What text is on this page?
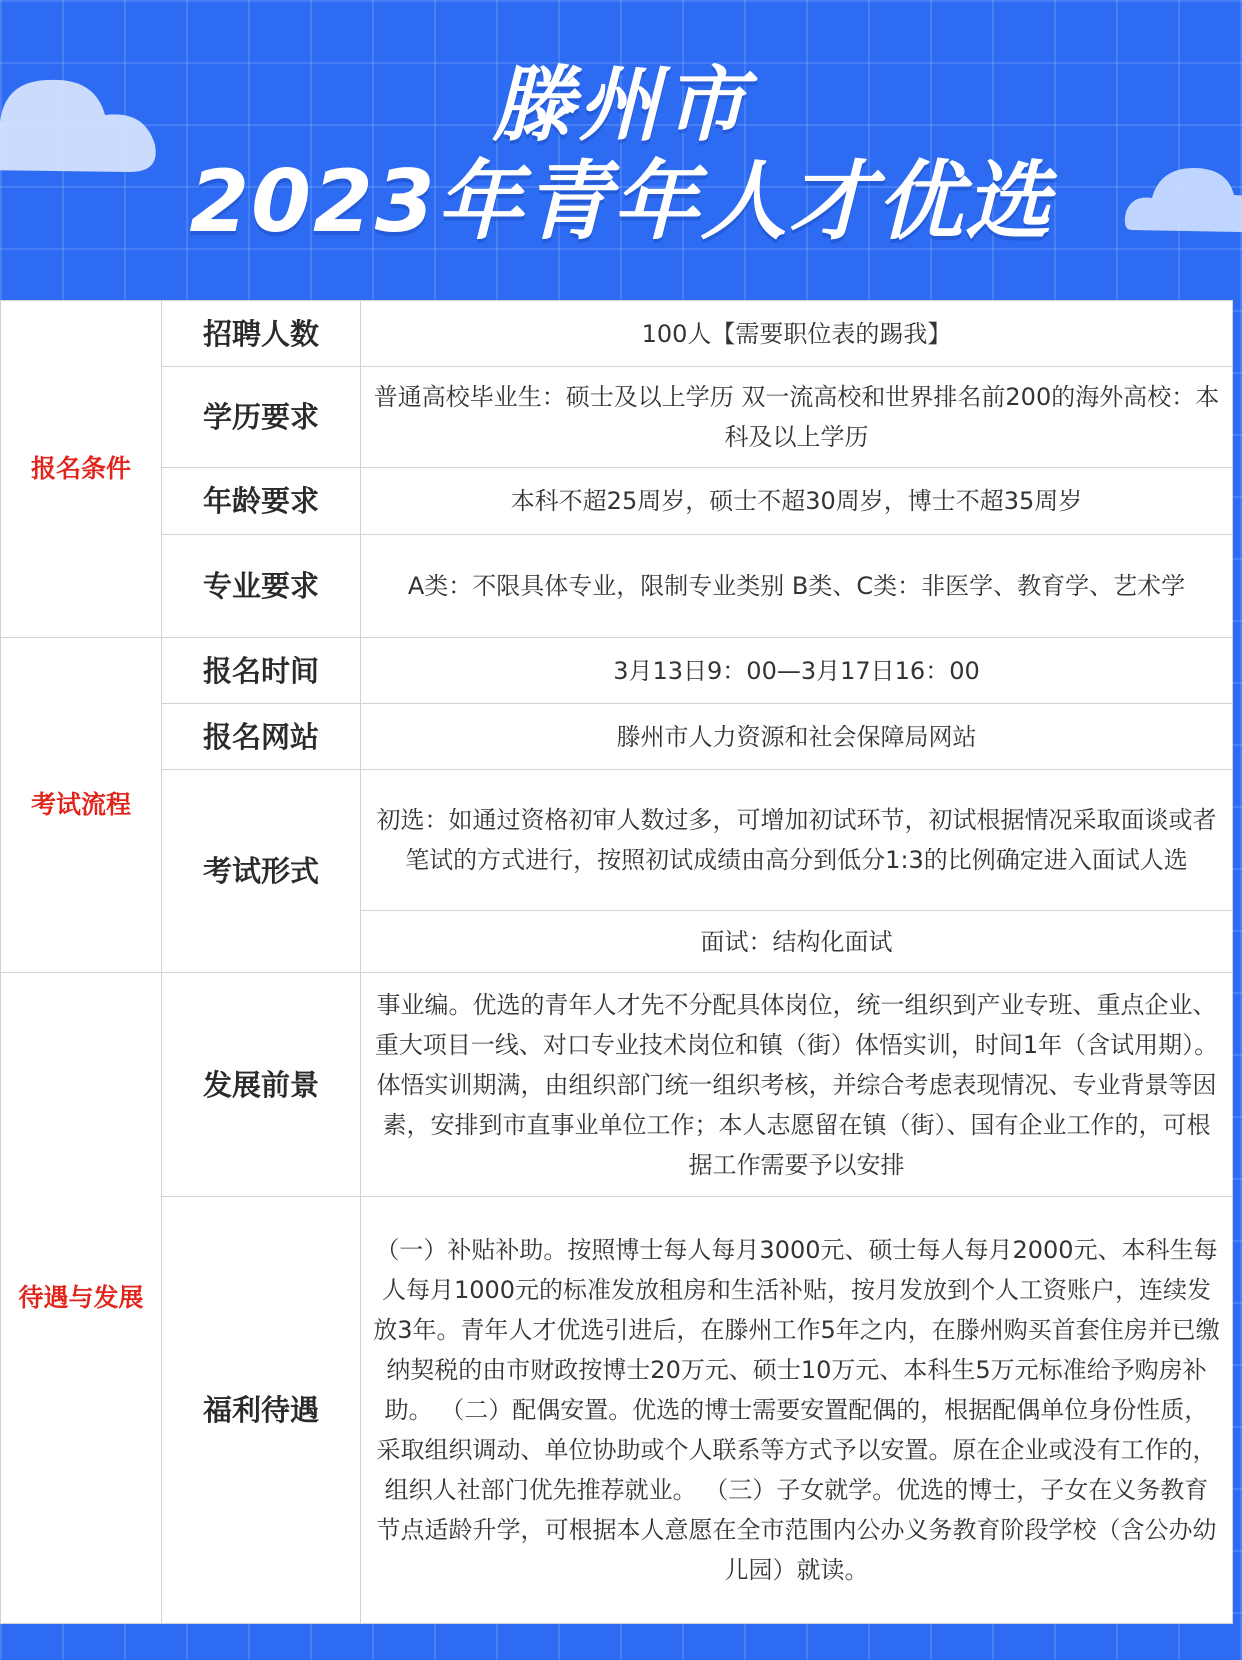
滕州市
2023年青年人才优选
报名条件	招聘人数	100人【需要职位表的踢我】
	学历要求	普通高校毕业生：硕士及以上学历 双一流高校和世界排名前200的海外高校：本科及以上学历
	年龄要求	本科不超25周岁，硕士不超30周岁，博士不超35周岁
	专业要求	A类：不限具体专业，限制专业类别 B类、C类：非医学、教育学、艺术学
考试流程	报名时间	3月13日9：00—3月17日16：00
	报名网站	滕州市人力资源和社会保障局网站
	考试形式	初选：如通过资格初审人数过多，可增加初试环节，初试根据情况采取面谈或者笔试的方式进行，按照初试成绩由高分到低分1:3的比例确定进入面试人选
		面试：结构化面试
待遇与发展	发展前景	事业编。优选的青年人才先不分配具体岗位，统一组织到产业专班、重点企业、重大项目一线、对口专业技术岗位和镇（街）体悟实训，时间1年（含试用期）。体悟实训期满，由组织部门统一组织考核，并综合考虑表现情况、专业背景等因素，安排到市直事业单位工作；本人志愿留在镇（街）、国有企业工作的，可根据工作需要予以安排
	福利待遇	（一）补贴补助。按照博士每人每月3000元、硕士每人每月2000元、本科生每人每月1000元的标准发放租房和生活补贴，按月发放到个人工资账户，连续发放3年。青年人才优选引进后，在滕州工作5年之内，在滕州购买首套住房并已缴纳契税的由市财政按博士20万元、硕士10万元、本科生5万元标准给予购房补助。 （二）配偶安置。优选的博士需要安置配偶的，根据配偶单位身份性质，采取组织调动、单位协助或个人联系等方式予以安置。原在企业或没有工作的，组织人社部门优先推荐就业。 （三）子女就学。优选的博士，子女在义务教育节点适龄升学，可根据本人意愿在全市范围内公办义务教育阶段学校（含公办幼儿园）就读。
